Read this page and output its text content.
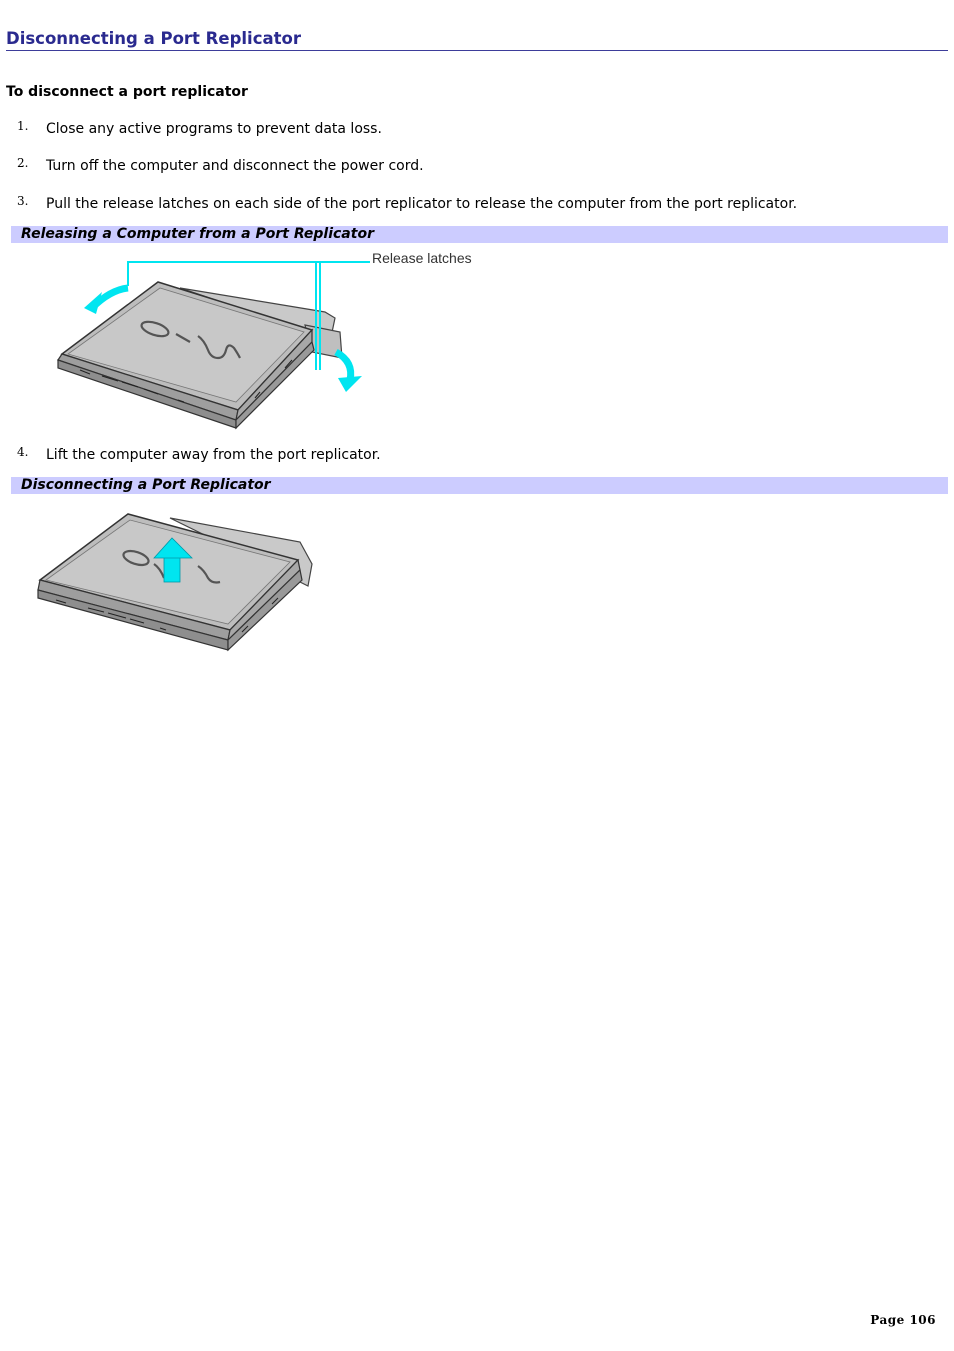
Disconnecting a Port Replicator
To disconnect a port replicator
1. Close any active programs to prevent data loss.
2. Turn off the computer and disconnect the power cord.
3. Pull the release latches on each side of the port replicator to release the computer from the port replicator.
Releasing a Computer from a Port Replicator
Release latches
4. Lift the computer away from the port replicator.
Disconnecting a Port Replicator
Page 106
